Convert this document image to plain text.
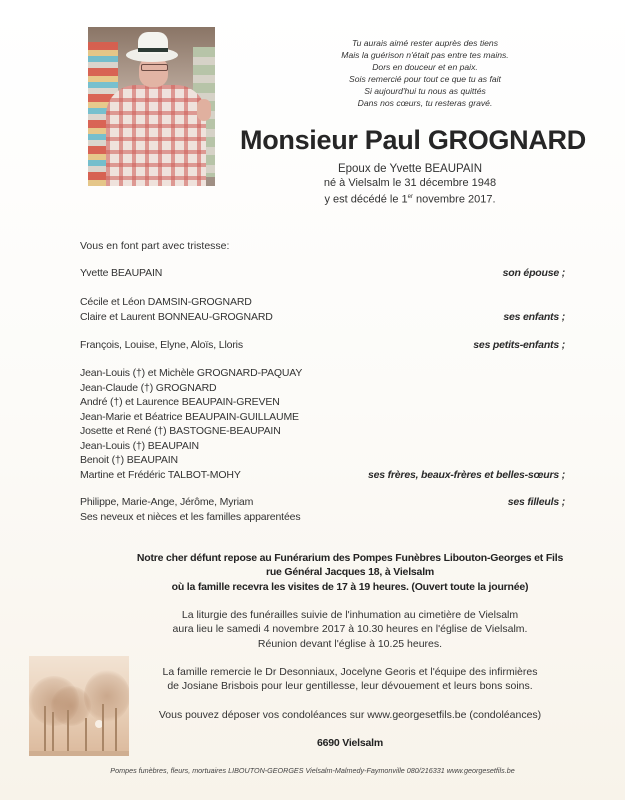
Tu aurais aimé rester auprès des tiens
Mais la guérison n'était pas entre tes mains.
Dors en douceur et en paix.
Sois remercié pour tout ce que tu as fait
Si aujourd'hui tu nous as quittés
Dans nos cœurs, tu resteras gravé.
Monsieur Paul GROGNARD
Epoux de Yvette BEAUPAIN
né à Vielsalm le 31 décembre 1948
y est décédé le 1er novembre 2017.
Vous en font part avec tristesse:
Yvette BEAUPAIN	son épouse ;
Cécile et Léon DAMSIN-GROGNARD
Claire et Laurent BONNEAU-GROGNARD	ses enfants ;
François, Louise, Elyne, Aloïs, Lloris	ses petits-enfants ;
Jean-Louis (†) et Michèle GROGNARD-PAQUAY
Jean-Claude (†) GROGNARD
André (†) et Laurence BEAUPAIN-GREVEN
Jean-Marie et Béatrice BEAUPAIN-GUILLAUME
Josette et René (†) BASTOGNE-BEAUPAIN
Jean-Louis (†) BEAUPAIN
Benoit (†) BEAUPAIN
Martine et Frédéric TALBOT-MOHY	ses frères, beaux-frères et belles-sœurs ;
Philippe, Marie-Ange, Jérôme, Myriam	ses filleuls ;
Ses neveux et nièces et les familles apparentées
Notre cher défunt repose au Funérarium des Pompes Funèbres Libouton-Georges et Fils
rue Général Jacques 18, à Vielsalm
où la famille recevra les visites de 17 à 19 heures. (Ouvert toute la journée)
La liturgie des funérailles suivie de l'inhumation au cimetière de Vielsalm
aura lieu le samedi 4 novembre 2017 à 10.30 heures en l'église de Vielsalm.
Réunion devant l'église à 10.25 heures.
La famille remercie le Dr Desonniaux, Jocelyne Georis et l'équipe des infirmières
de Josiane Brisbois pour leur gentillesse, leur dévouement et leurs bons soins.
Vous pouvez déposer vos condoléances sur www.georgesetfils.be (condoléances)
6690 Vielsalm
Pompes funèbres, fleurs, mortuaires LIBOUTON-GEORGES Vielsalm-Malmedy-Faymonville 080/216331 www.georgesetfils.be
